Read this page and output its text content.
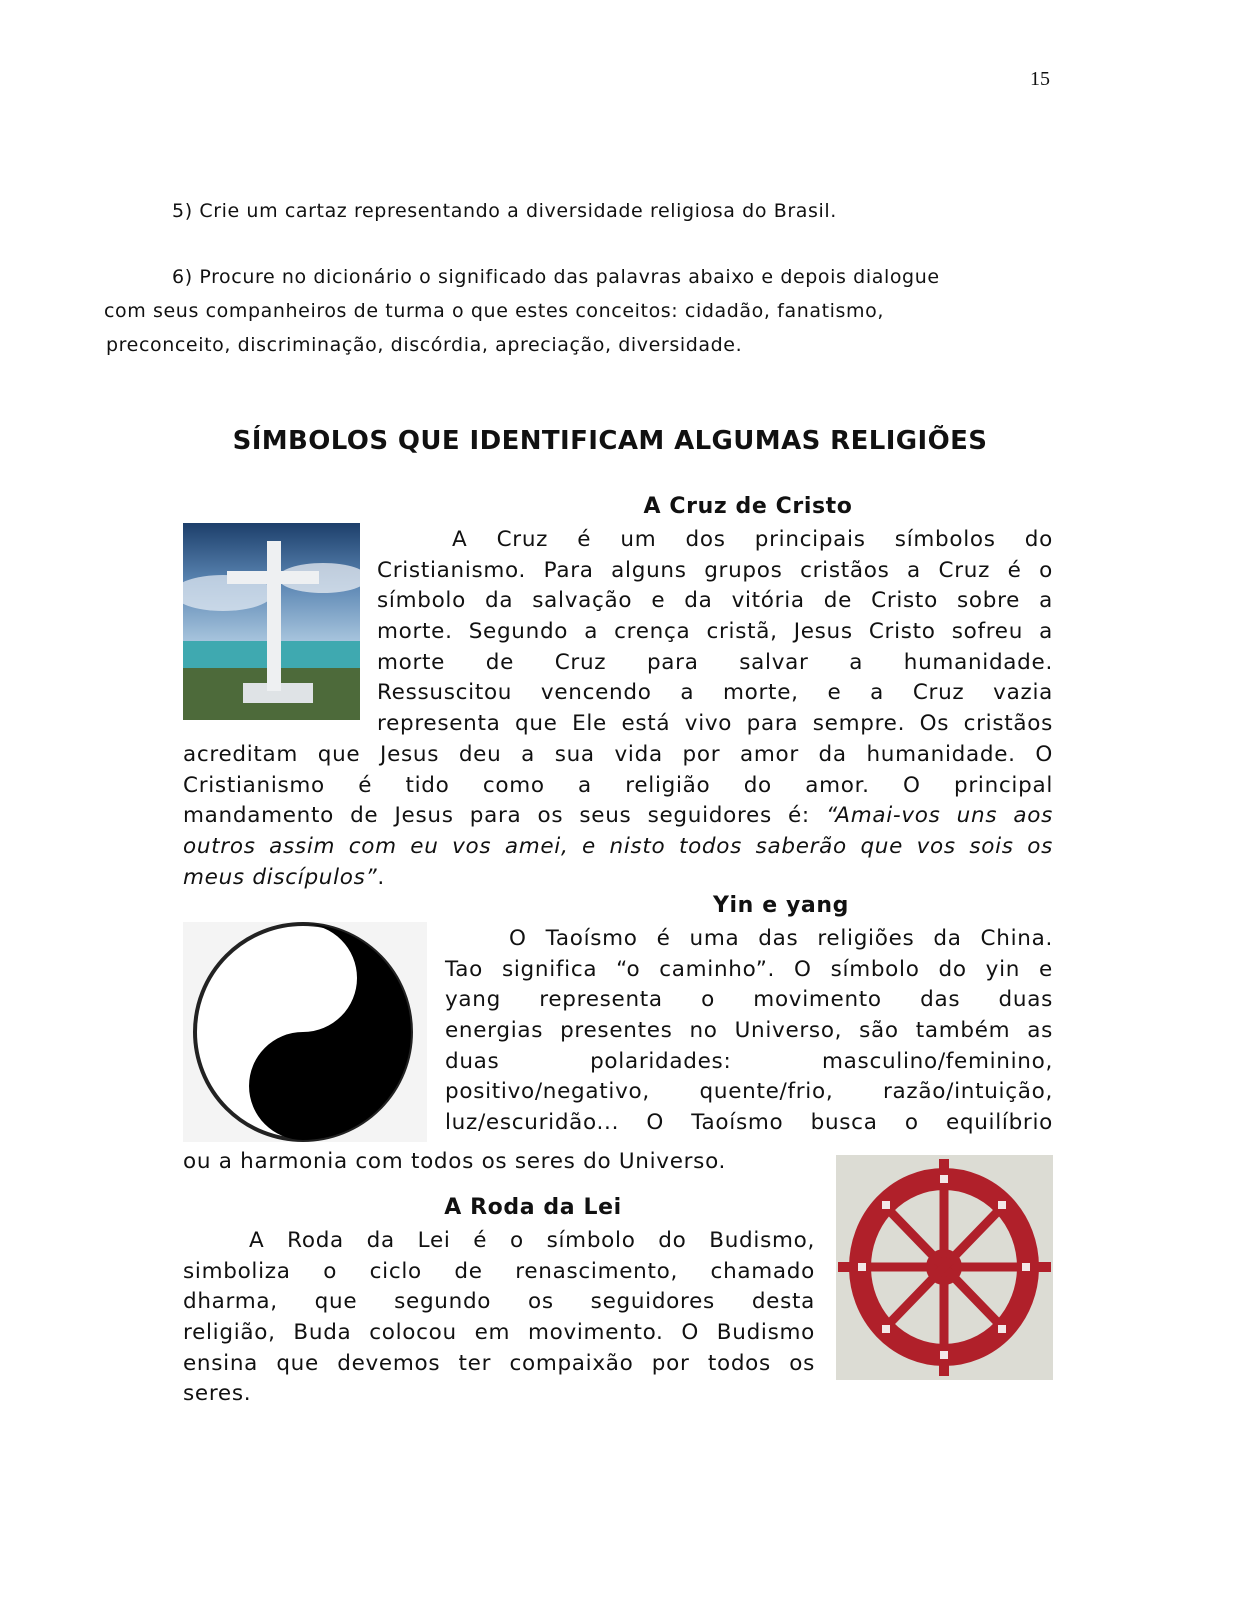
15
5) Crie um cartaz representando a diversidade religiosa do Brasil.
6) Procure no dicionário o significado das palavras abaixo e depois dialogue
com seus companheiros de turma o que estes conceitos: cidadão, fanatismo,
preconceito, discriminação, discórdia, apreciação, diversidade.
SÍMBOLOS QUE IDENTIFICAM ALGUMAS RELIGIÕES
A Cruz de Cristo
A Cruz é um dos principais símbolos do
Cristianismo. Para alguns grupos cristãos a Cruz é o
símbolo da salvação e da vitória de Cristo sobre a
morte. Segundo a crença cristã, Jesus Cristo sofreu a
morte de Cruz para salvar a humanidade.
Ressuscitou vencendo a morte, e a Cruz vazia
representa que Ele está vivo para sempre. Os cristãos
acreditam que Jesus deu a sua vida por amor da humanidade. O
Cristianismo é tido como a religião do amor. O principal
mandamento de Jesus para os seus seguidores é: “Amai-vos uns aos
outros assim com eu vos amei, e nisto todos saberão que vos sois os
meus discípulos”.
Yin e yang
O Taoísmo é uma das religiões da China.
Tao significa “o caminho”. O símbolo do yin e
yang representa o movimento das duas
energias presentes no Universo, são também as
duas polaridades: masculino/feminino,
positivo/negativo, quente/frio, razão/intuição,
luz/escuridão... O Taoísmo busca o equilíbrio
ou a harmonia com todos os seres do Universo.
A Roda da Lei
A Roda da Lei é o símbolo do Budismo,
simboliza o ciclo de renascimento, chamado
dharma, que segundo os seguidores desta
religião, Buda colocou em movimento. O Budismo
ensina que devemos ter compaixão por todos os
seres.
